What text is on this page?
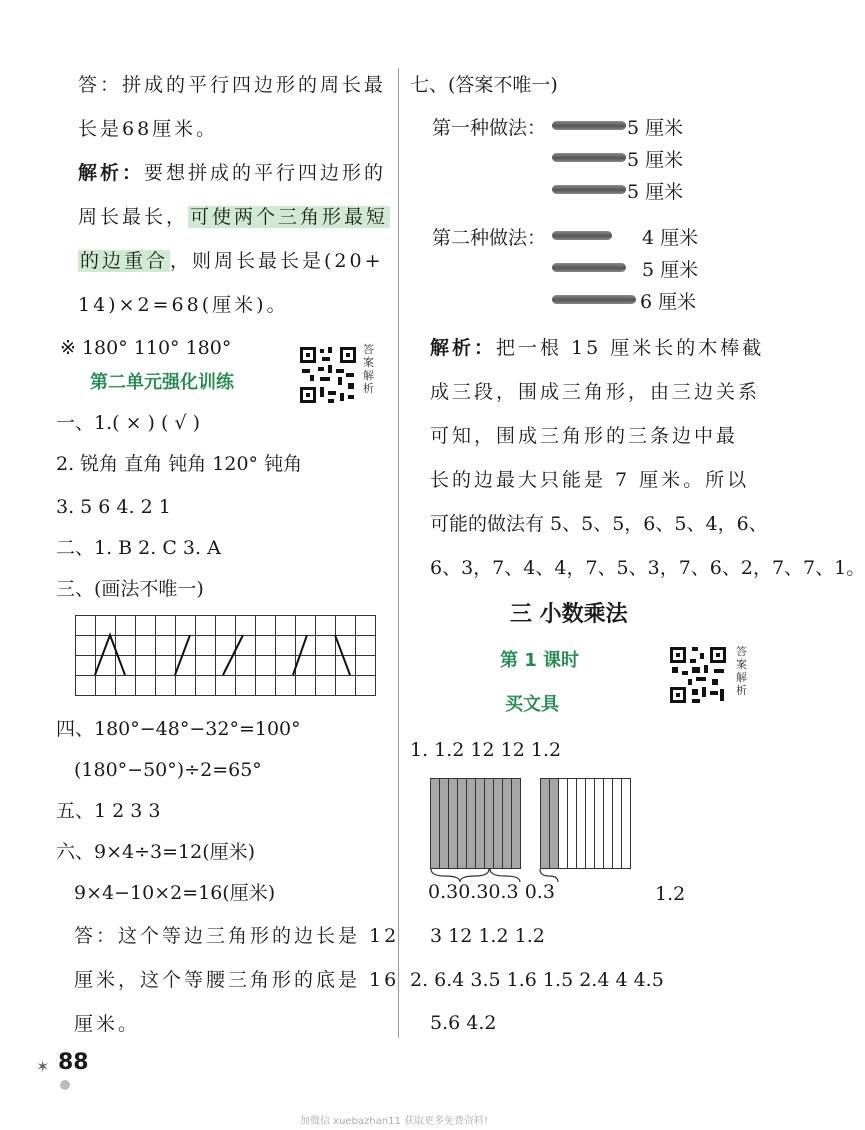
答：拼成的平行四边形的周长最
长是68厘米。
解析：要想拼成的平行四边形的
周长最长， 可使两个三角形最短
的边重合 ，则周长最长是(20+
14)×2=68(厘米)。
※ 180° 110° 180°
第二单元强化训练
答案解析
一、1.( × ) ( √ )
2. 锐角 直角 钝角 120° 钝角
3. 5 6 4. 2 1
二、1. B 2. C 3. A
三、(画法不唯一)
四、180°−48°−32°=100°
(180°−50°)÷2=65°
五、1 2 3 3
六、9×4÷3=12(厘米)
9×4−10×2=16(厘米)
答：这个等边三角形的边长是 12
厘米，这个等腰三角形的底是 16
厘米。
七、(答案不唯一)
第一种做法：	5 厘米
5 厘米
5 厘米
第二种做法：	4 厘米
5 厘米
6 厘米
解析：把一根 15 厘米长的木棒截
成三段，围成三角形，由三边关系
可知，围成三角形的三条边中最
长的边最大只能是 7 厘米。所以
可能的做法有 5、5、5，6、5、4，6、
6、3，7、4、4，7、5、3，7、6、2，7、7、1。
三 小数乘法
第 1 课时
买文具
答案解析
1. 1.2 12 12 1.2
0.30.30.3 0.3	1.2
3 12 1.2 1.2
2. 6.4 3.5 1.6 1.5 2.4 4 4.5
5.6 4.2
✶ 88
加微信 xuebazhan11 获取更多免费资料!
